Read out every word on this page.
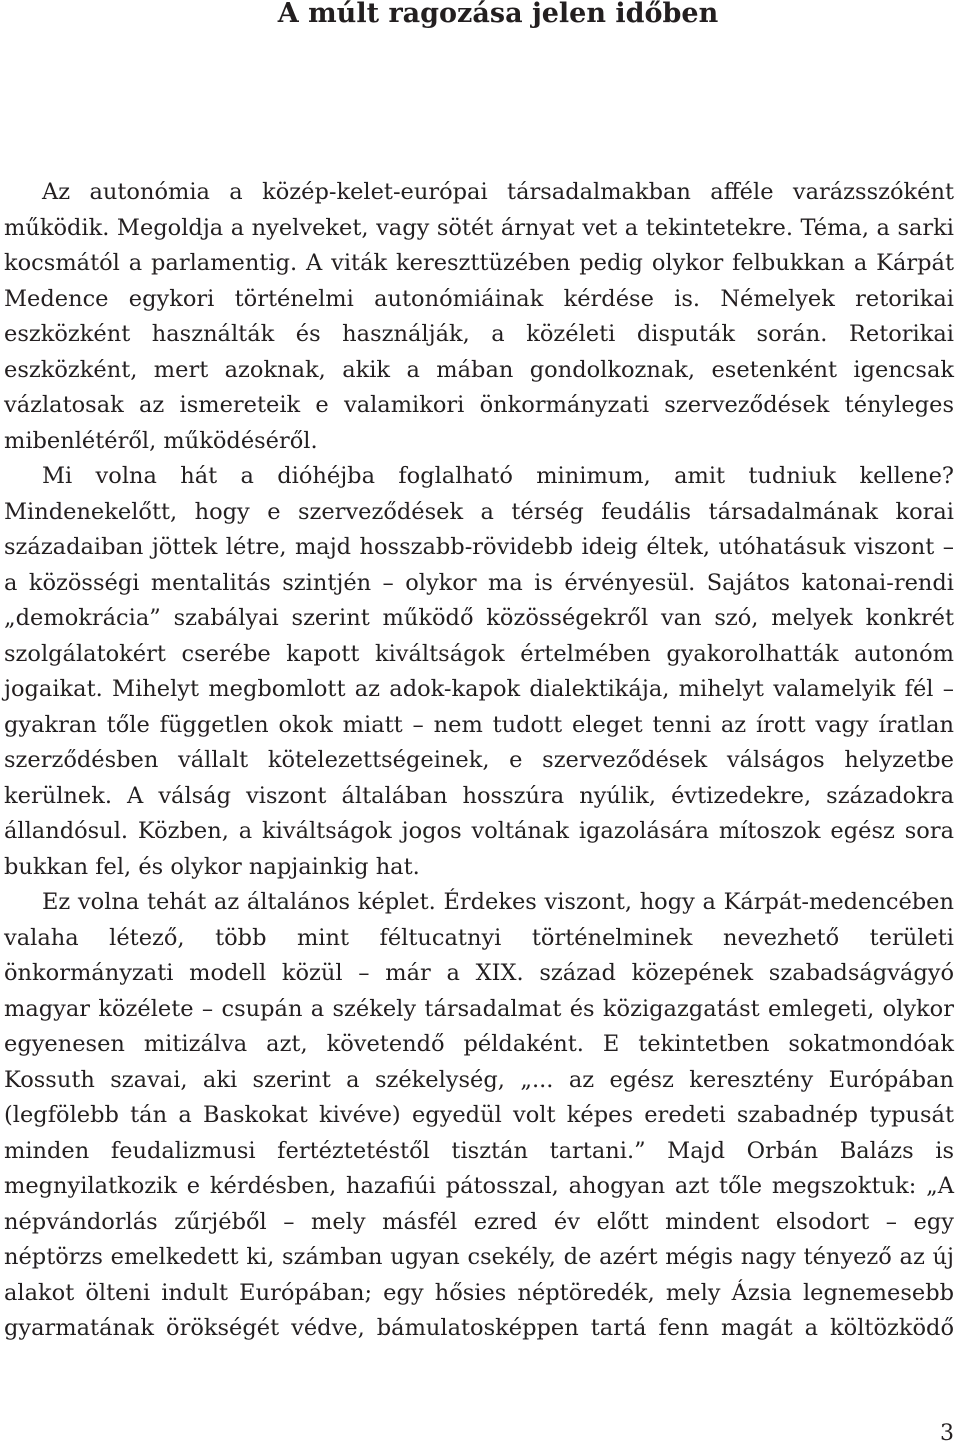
A múlt ragozása jelen időben

Az autonómia a közép-kelet-európai társadalmakban afféle varázsszóként működik. Megoldja a nyelveket, vagy sötét árnyat vet a tekintetekre. Téma, a sarki kocsmától a parlamentig. A viták kereszttüzében pedig olykor felbukkan a Kárpát Medence egykori történelmi autonómiáinak kérdése is. Némelyek retorikai eszközként használták és használják, a közéleti disputák során. Retorikai eszközként, mert azoknak, akik a mában gondolkoznak, esetenként igencsak vázlatosak az ismereteik e valamikori önkormányzati szerveződések tényleges mibenlétéről, működéséről.

Mi volna hát a dióhéjba foglalható minimum, amit tudniuk kellene? Mindenekelőtt, hogy e szerveződések a térség feudális társadalmának korai századaiban jöttek létre, majd hosszabb-rövidebb ideig éltek, utóhatásuk viszont – a közösségi mentalitás szintjén – olykor ma is érvényesül. Sajátos katonai-rendi „demokrácia” szabályai szerint működő közösségekről van szó, melyek konkrét szolgálatokért cserébe kapott kiváltságok értelmében gyakorolhatták autonóm jogaikat. Mihelyt megbomlott az adok-kapok dialektikája, mihelyt valamelyik fél – gyakran tőle független okok miatt – nem tudott eleget tenni az írott vagy íratlan szerződésben vállalt kötelezettségeinek, e szerveződések válságos helyzetbe kerülnek. A válság viszont általában hosszúra nyúlik, évtizedekre, századokra állandósul. Közben, a kiváltságok jogos voltának igazolására mítoszok egész sora bukkan fel, és olykor napjainkig hat.

Ez volna tehát az általános képlet. Érdekes viszont, hogy a Kárpát-medencében valaha létező, több mint féltucatnyi történelminek nevezhető területi önkormányzati modell közül – már a XIX. század közepének szabadságvágyó magyar közélete – csupán a székely társadalmat és közigazgatást emlegeti, olykor egyenesen mitizálva azt, követendő példaként. E tekintetben sokatmondóak Kossuth szavai, aki szerint a székelység, „... az egész keresztény Európában (legfölebb tán a Baskokat kivéve) egyedül volt képes eredeti szabadnép typusát minden feudalizmusi fertéztetéstől tisztán tartani.” Majd Orbán Balázs is megnyilatkozik e kérdésben, hazafiúi pátosszal, ahogyan azt tőle megszoktuk: „A népvándorlás zűrjéből – mely másfél ezred év előtt mindent elsodort – egy néptörzs emelkedett ki, számban ugyan csekély, de azért mégis nagy tényező az új alakot ölteni indult Európában; egy hősies néptöredék, mely Ázsia legnemesebb gyarmatának örökségét védve, bámulatosképpen tartá fenn magát a költözködő

3
